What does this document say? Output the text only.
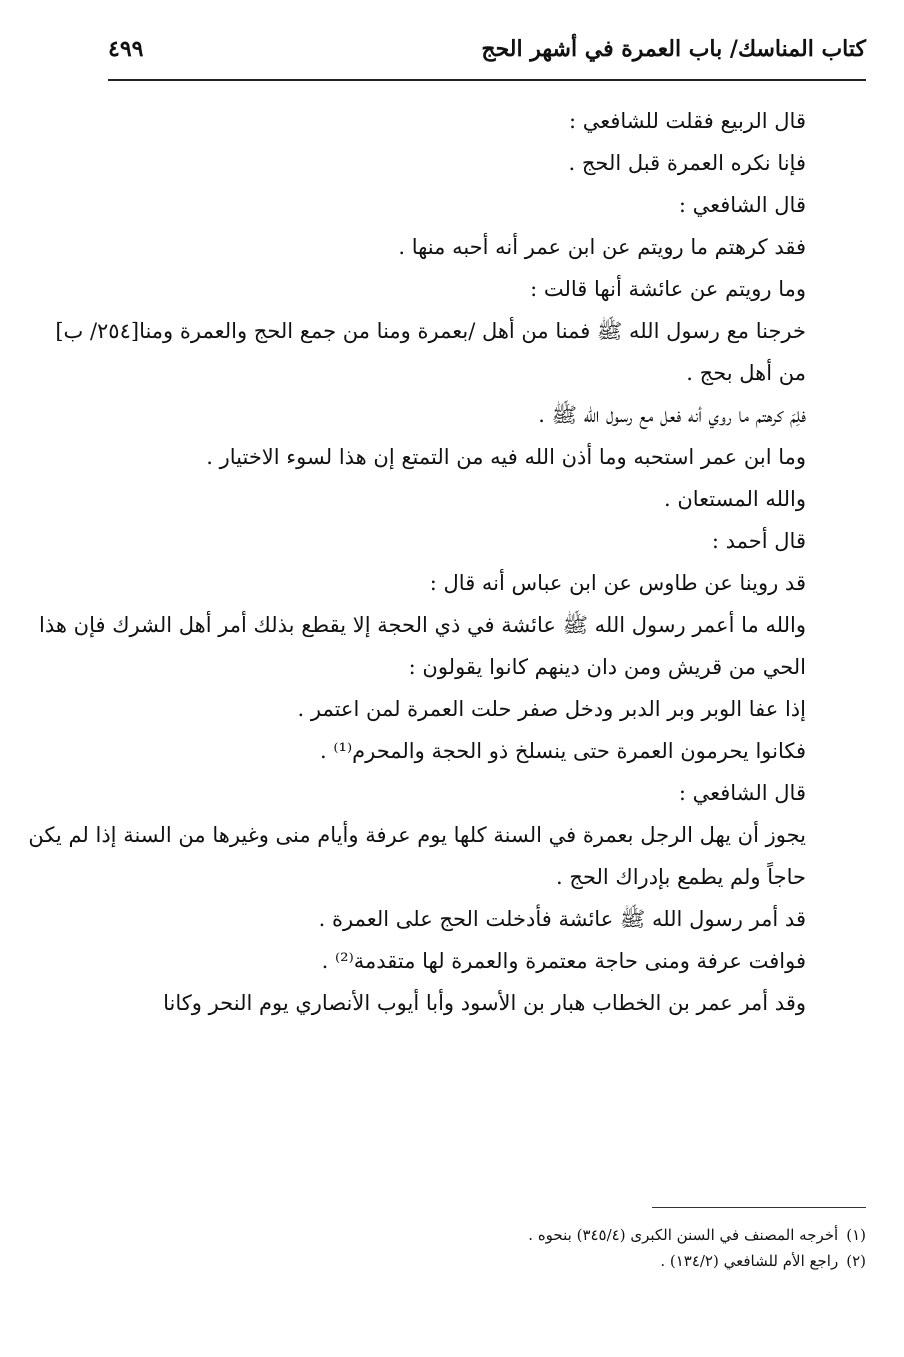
كتاب المناسك/ باب العمرة في أشهر الحج
٤٩٩

قال الربيع فقلت للشافعي :

فإنا نكره العمرة قبل الحج .

قال الشافعي :

فقد كرهتم ما رويتم عن ابن عمر أنه أحبه منها .

وما رويتم عن عائشة أنها قالت :

خرجنا مع رسول الله ﷺ فمنا من أهل /بعمرة ومنا من جمع الحج والعمرة ومنا[٢٥٤/ ب] من أهل بحج .

فلِمَ كرهتم ما روي أنه فعل مع رسول الله ﷺ .

وما ابن عمر استحبه وما أذن الله فيه من التمتع إن هذا لسوء الاختيار .

والله المستعان .

قال أحمد :

قد روينا عن طاوس عن ابن عباس أنه قال :

والله ما أعمر رسول الله ﷺ عائشة في ذي الحجة إلا يقطع بذلك أمر أهل الشرك فإن هذا الحي من قريش ومن دان دينهم كانوا يقولون :

إذا عفا الوبر وبر الدبر ودخل صفر حلت العمرة لمن اعتمر .

فكانوا يحرمون العمرة حتى ينسلخ ذو الحجة والمحرم⁽¹⁾ .

قال الشافعي :

يجوز أن يهل الرجل بعمرة في السنة كلها يوم عرفة وأيام منى وغيرها من السنة إذا لم يكن حاجاً ولم يطمع بإدراك الحج .

قد أمر رسول الله ﷺ عائشة فأدخلت الحج على العمرة .

فوافت عرفة ومنى حاجة معتمرة والعمرة لها متقدمة⁽²⁾ .

وقد أمر عمر بن الخطاب هبار بن الأسود وأبا أيوب الأنصاري يوم النحر وكانا

(١)أخرجه المصنف في السنن الكبرى (٣٤٥/٤) بنحوه .

(٢)راجع الأم للشافعي (١٣٤/٢) .
